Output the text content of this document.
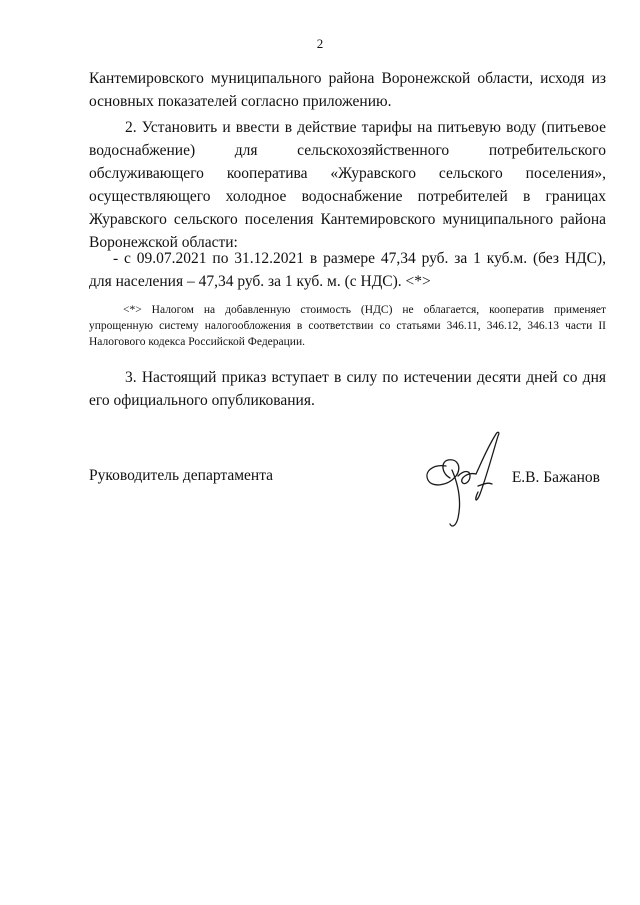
2

Кантемировского муниципального района Воронежской области, исходя из основных показателей согласно приложению.

2. Установить и ввести в действие тарифы на питьевую воду (питьевое водоснабжение) для сельскохозяйственного потребительского обслуживающего кооператива «Журавского сельского поселения», осуществляющего холодное водоснабжение потребителей в границах Журавского сельского поселения Кантемировского муниципального района Воронежской области:

- с 09.07.2021 по 31.12.2021 в размере 47,34 руб. за 1 куб.м. (без НДС), для населения – 47,34 руб. за 1 куб. м. (с НДС). <*>

<*> Налогом на добавленную стоимость (НДС) не облагается, кооператив применяет упрощенную систему налогообложения в соответствии со статьями 346.11, 346.12, 346.13 части II Налогового кодекса Российской Федерации.

3. Настоящий приказ вступает в силу по истечении десяти дней со дня его официального опубликования.

Руководитель департамента	Е.В. Бажанов
